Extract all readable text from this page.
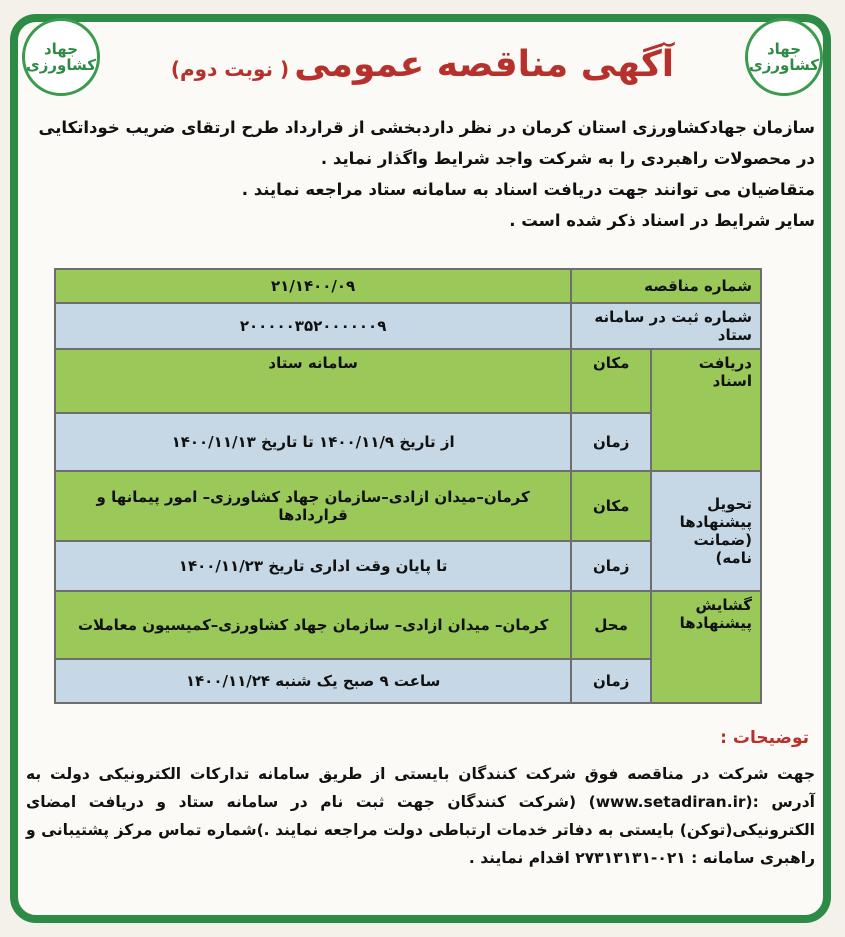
جهاد کشاورزی
جهاد کشاورزی
آگهی مناقصه عمومی ( نوبت دوم)

سازمان جهادکشاورزی استان کرمان در نظر داردبخشی از قرارداد طرح ارتقای ضریب خوداتکایی در محصولات راهبردی را به شرکت واجد شرایط واگذار نماید .

متقاضیان می توانند جهت دریافت اسناد به سامانه ستاد مراجعه نمایند .

سایر شرایط در اسناد ذکر شده است .

شماره مناقصه		۲۱/۱۴۰۰/۰۹
شماره ثبت در سامانه ستاد		۲۰۰۰۰۰۳۵۲۰۰۰۰۰۰۹
دریافت اسناد	مکان	سامانه ستاد
	زمان	از تاریخ ۱۴۰۰/۱۱/۹ تا تاریخ ۱۴۰۰/۱۱/۱۳
تحویل پیشنهادها (ضمانت نامه)	مکان	کرمان–میدان ازادی–سازمان جهاد کشاورزی– امور پیمانها و قراردادها
	زمان	تا پایان وقت اداری تاریخ ۱۴۰۰/۱۱/۲۳
گشایش پیشنهادها	محل	کرمان– میدان ازادی– سازمان جهاد کشاورزی–کمیسیون معاملات
	زمان	ساعت ۹ صبح یک شنبه ۱۴۰۰/۱۱/۲۴
توضیحات :
جهت شرکت در مناقصه فوق شرکت کنندگان بایستی از طریق سامانه تدارکات الکترونیکی دولت به آدرس :(www.setadiran.ir) (شرکت کنندگان جهت ثبت نام در سامانه ستاد و دریافت امضای الکترونیکی(توکن) بایستی به دفاتر خدمات ارتباطی دولت مراجعه نمایند .)شماره تماس مرکز پشتیبانی و راهبری سامانه : ۰۲۱-۲۷۳۱۳۱۳۱ اقدام نمایند .
